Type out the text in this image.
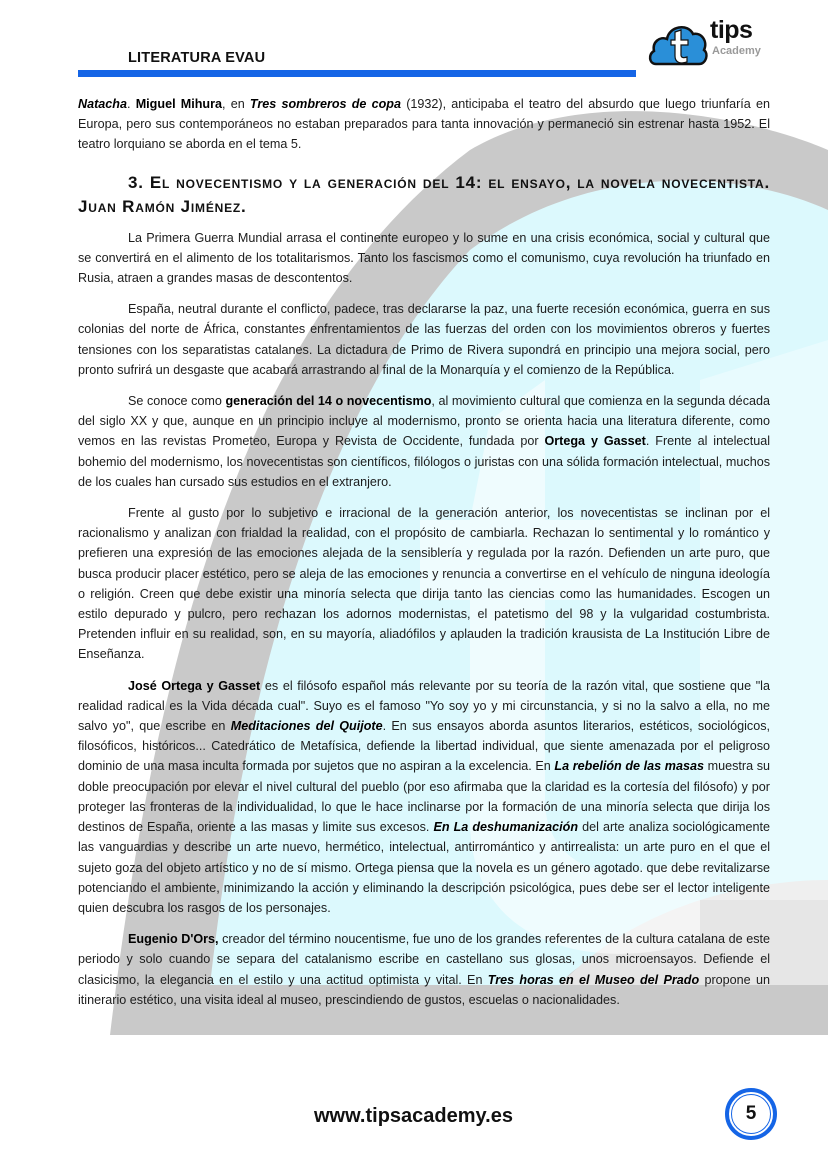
LITERATURA EVAU
tips
Academy

Natacha. Miguel Mihura, en Tres sombreros de copa (1932), anticipaba el teatro del absurdo que luego triunfaría en Europa, pero sus contemporáneos no estaban preparados para tanta innovación y permaneció sin estrenar hasta 1952. El teatro lorquiano se aborda en el tema 5.

3. El novecentismo y la generación del 14: el ensayo, la novela novecentista. Juan Ramón Jiménez.

La Primera Guerra Mundial arrasa el continente europeo y lo sume en una crisis económica, social y cultural que se convertirá en el alimento de los totalitarismos. Tanto los fascismos como el comunismo, cuya revolución ha triunfado en Rusia, atraen a grandes masas de descontentos.

España, neutral durante el conflicto, padece, tras declararse la paz, una fuerte recesión económica, guerra en sus colonias del norte de África, constantes enfrentamientos de las fuerzas del orden con los movimientos obreros y fuertes tensiones con los separatistas catalanes. La dictadura de Primo de Rivera supondrá en principio una mejora social, pero pronto sufrirá un desgaste que acabará arrastrando al final de la Monarquía y el comienzo de la República.

Se conoce como generación del 14 o novecentismo, al movimiento cultural que comienza en la segunda década del siglo XX y que, aunque en un principio incluye al modernismo, pronto se orienta hacia una literatura diferente, como vemos en las revistas Prometeo, Europa y Revista de Occidente, fundada por Ortega y Gasset. Frente al intelectual bohemio del modernismo, los novecentistas son científicos, filólogos o juristas con una sólida formación intelectual, muchos de los cuales han cursado sus estudios en el extranjero.

Frente al gusto por lo subjetivo e irracional de la generación anterior, los novecentistas se inclinan por el racionalismo y analizan con frialdad la realidad, con el propósito de cambiarla. Rechazan lo sentimental y lo romántico y prefieren una expresión de las emociones alejada de la sensiblería y regulada por la razón. Defienden un arte puro, que busca producir placer estético, pero se aleja de las emociones y renuncia a convertirse en el vehículo de ninguna ideología o religión. Creen que debe existir una minoría selecta que dirija tanto las ciencias como las humanidades. Escogen un estilo depurado y pulcro, pero rechazan los adornos modernistas, el patetismo del 98 y la vulgaridad costumbrista. Pretenden influir en su realidad, son, en su mayoría, aliadófilos y aplauden la tradición krausista de La Institución Libre de Enseñanza.

José Ortega y Gasset es el filósofo español más relevante por su teoría de la razón vital, que sostiene que "la realidad radical es la Vida década cual". Suyo es el famoso "Yo soy yo y mi circunstancia, y si no la salvo a ella, no me salvo yo", que escribe en Meditaciones del Quijote. En sus ensayos aborda asuntos literarios, estéticos, sociológicos, filosóficos, históricos... Catedrático de Metafísica, defiende la libertad individual, que siente amenazada por el peligroso dominio de una masa inculta formada por sujetos que no aspiran a la excelencia. En La rebelión de las masas muestra su doble preocupación por elevar el nivel cultural del pueblo (por eso afirmaba que la claridad es la cortesía del filósofo) y por proteger las fronteras de la individualidad, lo que le hace inclinarse por la formación de una minoría selecta que dirija los destinos de España, oriente a las masas y limite sus excesos. En La deshumanización del arte analiza sociológicamente las vanguardias y describe un arte nuevo, hermético, intelectual, antirromántico y antirrealista: un arte puro en el que el sujeto goza del objeto artístico y no de sí mismo. Ortega piensa que la novela es un género agotado. que debe revitalizarse potenciando el ambiente, minimizando la acción y eliminando la descripción psicológica, pues debe ser el lector inteligente quien descubra los rasgos de los personajes.

Eugenio D'Ors, creador del término noucentisme, fue uno de los grandes referentes de la cultura catalana de este periodo y solo cuando se separa del catalanismo escribe en castellano sus glosas, unos microensayos. Defiende el clasicismo, la elegancia en el estilo y una actitud optimista y vital. En Tres horas en el Museo del Prado propone un itinerario estético, una visita ideal al museo, prescindiendo de gustos, escuelas o nacionalidades.

www.tipsacademy.es	5
